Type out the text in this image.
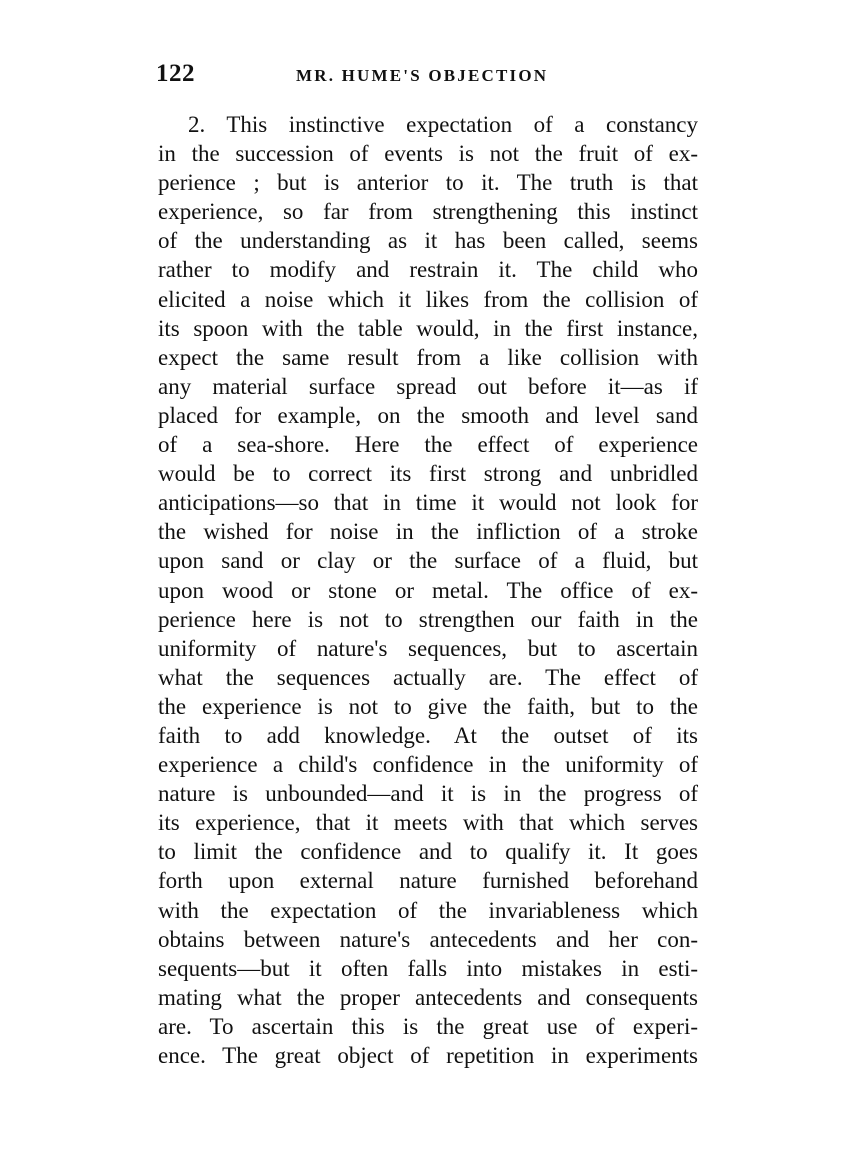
122	MR. HUME'S OBJECTION
2. This instinctive expectation of a constancy
in the succession of events is not the fruit of ex-
perience ; but is anterior to it. The truth is that
experience, so far from strengthening this instinct
of the understanding as it has been called, seems
rather to modify and restrain it. The child who
elicited a noise which it likes from the collision of
its spoon with the table would, in the first instance,
expect the same result from a like collision with
any material surface spread out before it—as if
placed for example, on the smooth and level sand
of a sea-shore. Here the effect of experience
would be to correct its first strong and unbridled
anticipations—so that in time it would not look for
the wished for noise in the infliction of a stroke
upon sand or clay or the surface of a fluid, but
upon wood or stone or metal. The office of ex-
perience here is not to strengthen our faith in the
uniformity of nature's sequences, but to ascertain
what the sequences actually are. The effect of
the experience is not to give the faith, but to the
faith to add knowledge. At the outset of its
experience a child's confidence in the uniformity of
nature is unbounded—and it is in the progress of
its experience, that it meets with that which serves
to limit the confidence and to qualify it. It goes
forth upon external nature furnished beforehand
with the expectation of the invariableness which
obtains between nature's antecedents and her con-
sequents—but it often falls into mistakes in esti-
mating what the proper antecedents and consequents
are. To ascertain this is the great use of experi-
ence. The great object of repetition in experiments
